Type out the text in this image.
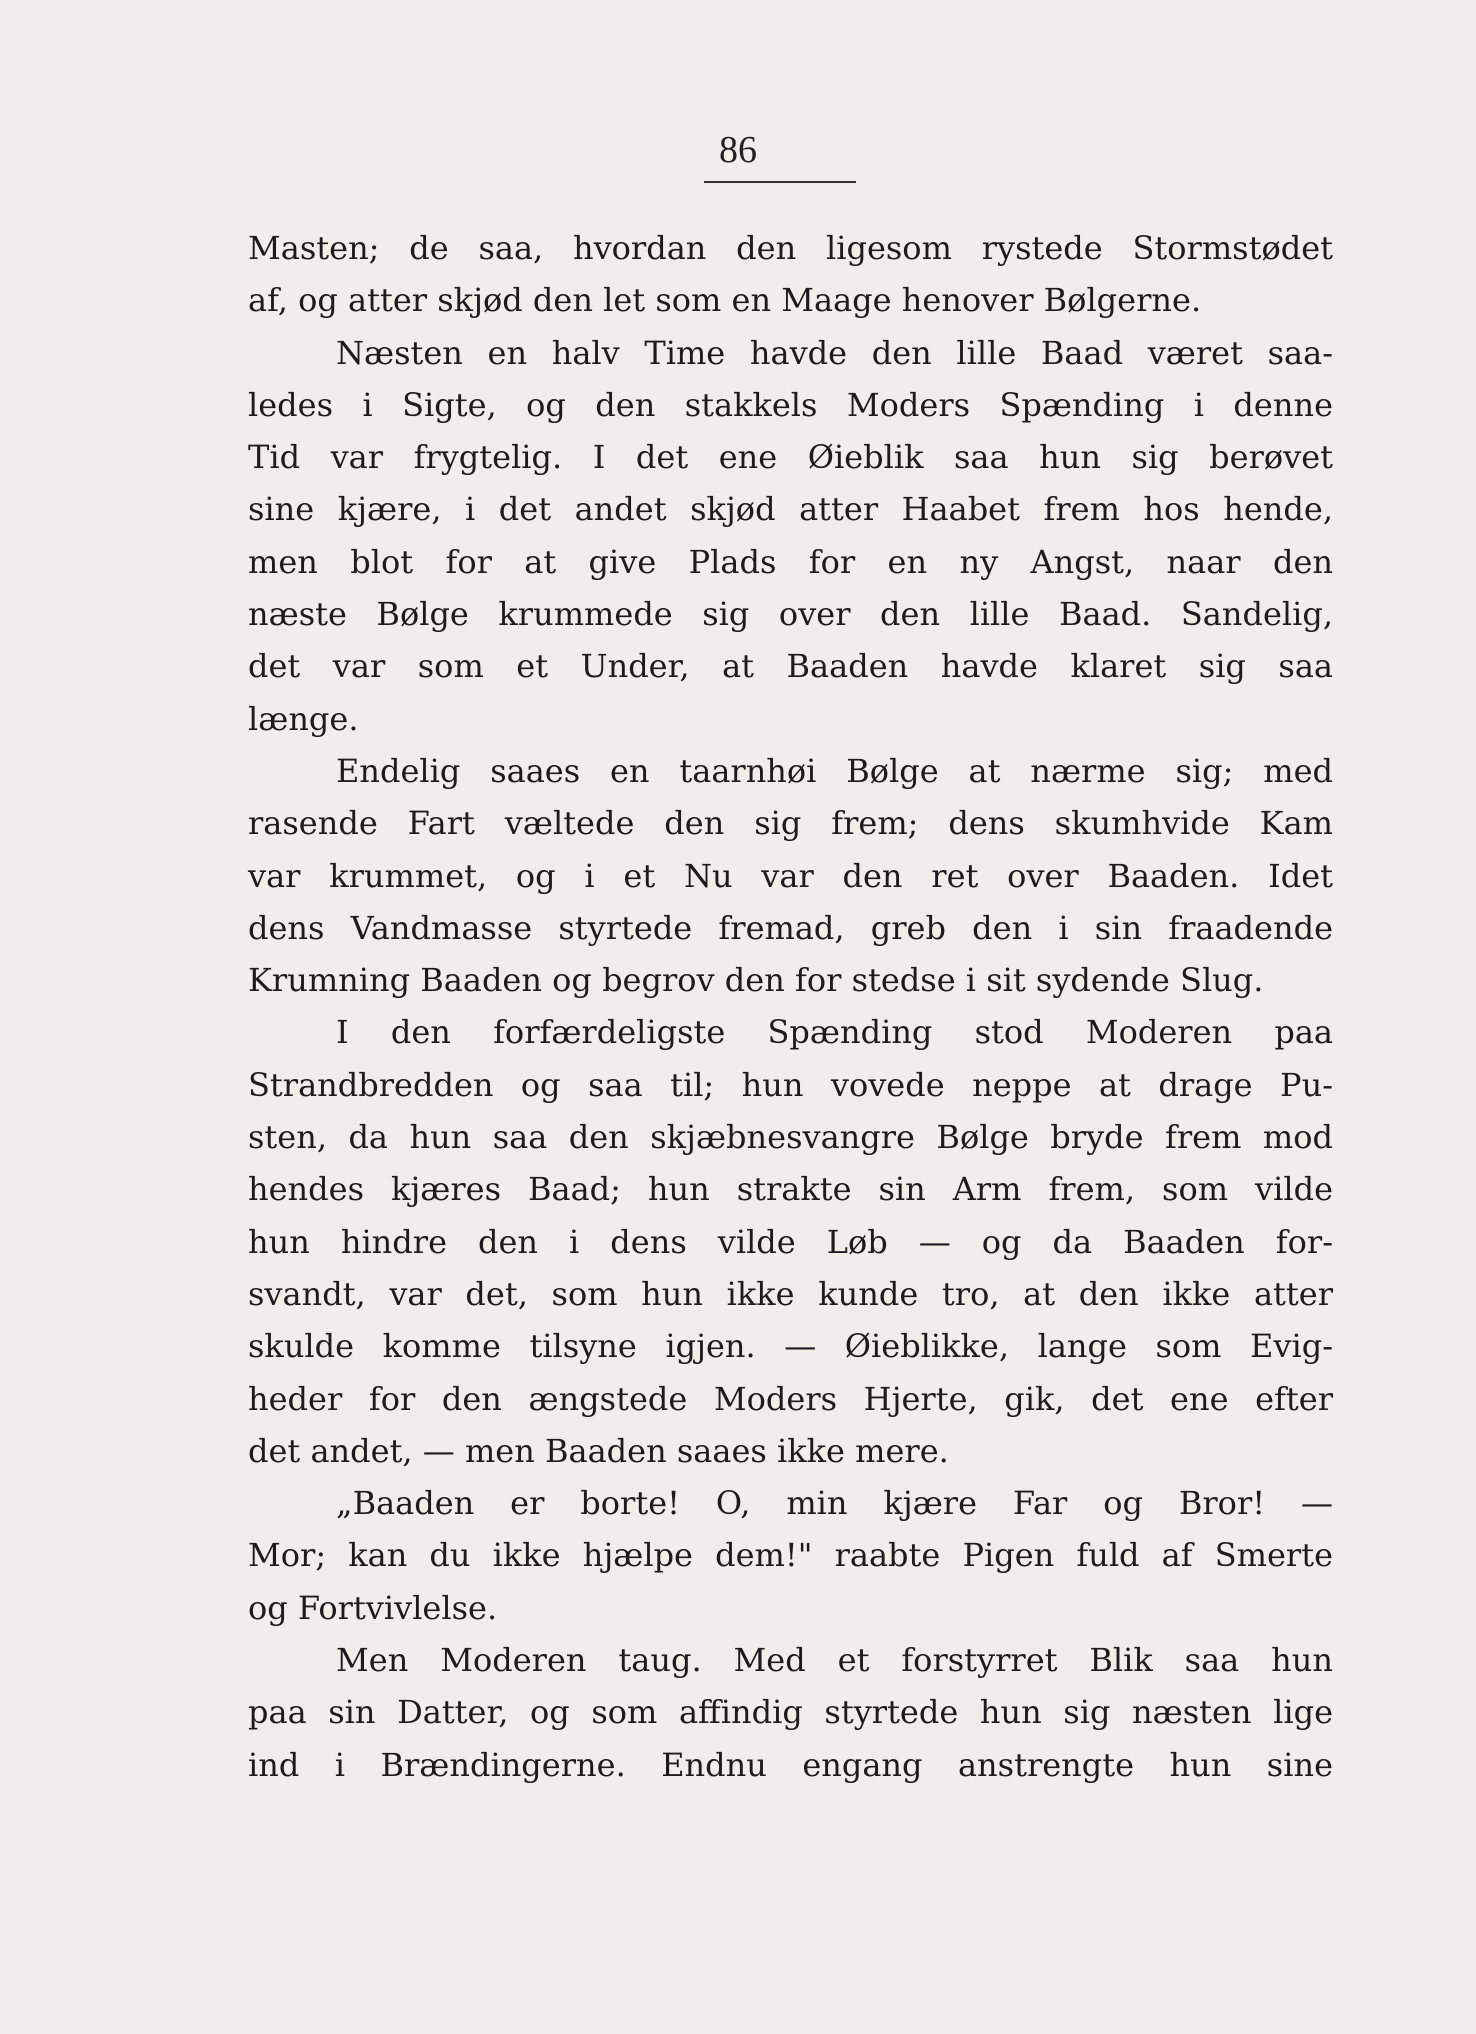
86
Masten; de saa, hvordan den ligesom rystede Stormstødet
af, og atter skjød den let som en Maage henover Bølgerne.
Næsten en halv Time havde den lille Baad været saa-
ledes i Sigte, og den stakkels Moders Spænding i denne
Tid var frygtelig. I det ene Øieblik saa hun sig berøvet
sine kjære, i det andet skjød atter Haabet frem hos hende,
men blot for at give Plads for en ny Angst, naar den
næste Bølge krummede sig over den lille Baad. Sandelig,
det var som et Under, at Baaden havde klaret sig saa
længe.
Endelig saaes en taarnhøi Bølge at nærme sig; med
rasende Fart væltede den sig frem; dens skumhvide Kam
var krummet, og i et Nu var den ret over Baaden. Idet
dens Vandmasse styrtede fremad, greb den i sin fraadende
Krumning Baaden og begrov den for stedse i sit sydende Slug.
I den forfærdeligste Spænding stod Moderen paa
Strandbredden og saa til; hun vovede neppe at drage Pu-
sten, da hun saa den skjæbnesvangre Bølge bryde frem mod
hendes kjæres Baad; hun strakte sin Arm frem, som vilde
hun hindre den i dens vilde Løb — og da Baaden for-
svandt, var det, som hun ikke kunde tro, at den ikke atter
skulde komme tilsyne igjen. — Øieblikke, lange som Evig-
heder for den ængstede Moders Hjerte, gik, det ene efter
det andet, — men Baaden saaes ikke mere.
„Baaden er borte! O, min kjære Far og Bror! —
Mor; kan du ikke hjælpe dem!" raabte Pigen fuld af Smerte
og Fortvivlelse.
Men Moderen taug. Med et forstyrret Blik saa hun
paa sin Datter, og som affindig styrtede hun sig næsten lige
ind i Brændingerne. Endnu engang anstrengte hun sine
